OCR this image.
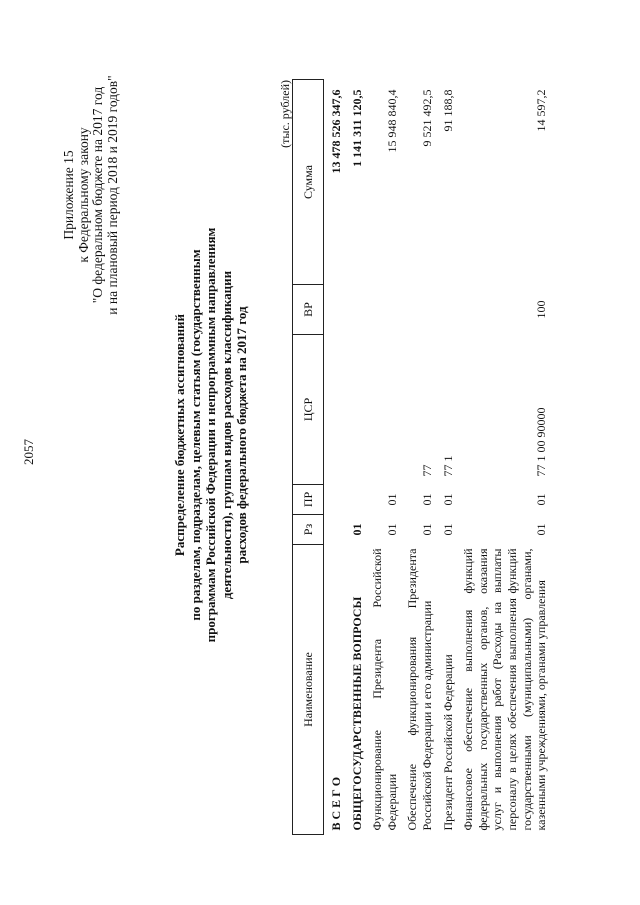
2057
Приложение 15 к Федеральному закону "О федеральном бюджете на 2017 год и на плановый период 2018 и 2019 годов"
Распределение бюджетных ассигнований по разделам, подразделам, целевым статьям (государственным программам Российской Федерации и непрограммным направлениям деятельности), группам видов расходов классификации расходов федерального бюджета на 2017 год
(тыс. рублей)
Наименование	Рз	ПР	ЦСР	ВР	Сумма

В С Е Г О					13 478 526 347,6
ОБЩЕГОСУДАРСТВЕННЫЕ ВОПРОСЫ	01				1 141 311 120,5
Функционирование Президента Российской Федерации	01	01			15 948 840,4
Обеспечение функционирования Президента Российской Федерации и его администрации	01	01	77		9 521 492,5
Президент Российской Федерации	01	01	77 1		91 188,8
Финансовое обеспечение выполнения функций федеральных государственных органов, оказания услуг и выполнения работ (Расходы на выплаты персоналу в целях обеспечения выполнения функций государственными (муниципальными) органами, казенными учреждениями, органами управления	01	01	77 1 00 90000	100	14 597,2
